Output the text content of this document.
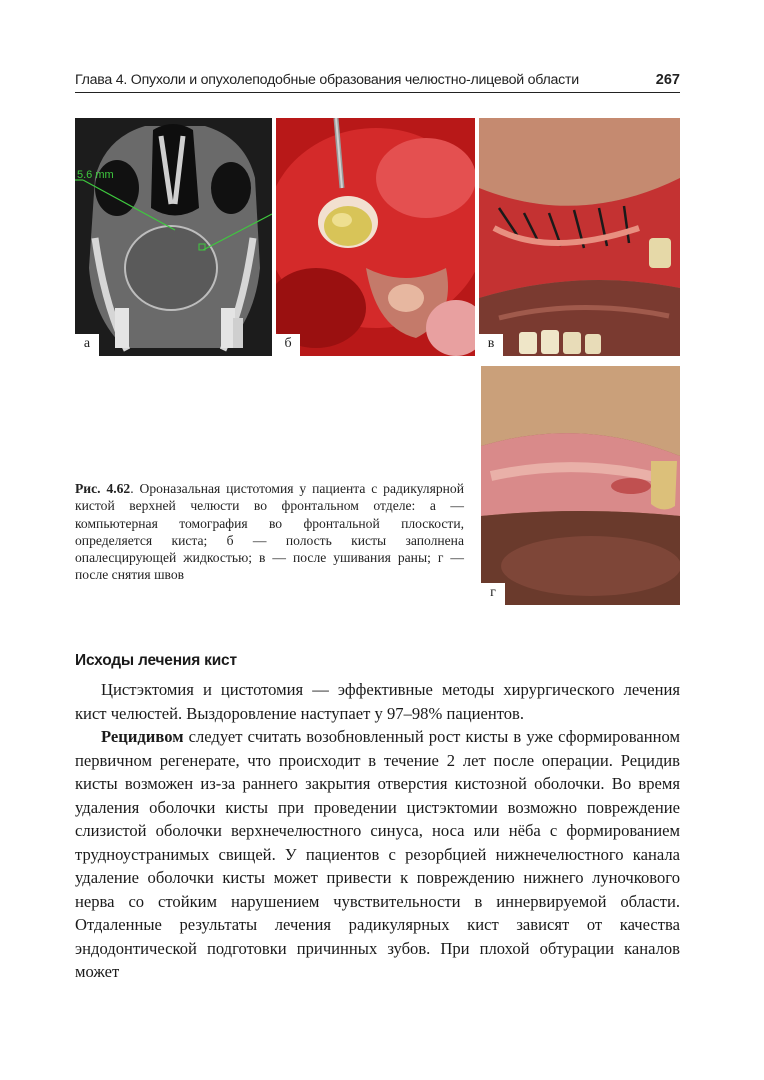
Глава 4. Опухоли и опухолеподобные образования челюстно-лицевой области	267
5.6 mm
а	б	в
г
Рис. 4.62. Ороназальная цистотомия у пациента с радикулярной кистой верхней челюсти во фронтальном отделе: а — компьютерная томография во фронтальной плоскости, определяется киста; б — полость кисты заполнена опалесцирующей жидкостью; в — после ушивания раны; г — после снятия швов
Исходы лечения кист

Цистэктомия и цистотомия — эффективные методы хирургического лечения кист челюстей. Выздоровление наступает у 97–98% пациентов.

Рецидивом следует считать возобновленный рост кисты в уже сформированном первичном регенерате, что происходит в течение 2 лет после операции. Рецидив кисты возможен из-за раннего закрытия отверстия кистозной оболочки. Во время удаления оболочки кисты при проведении цистэктомии возможно повреждение слизистой оболочки верхнечелюстного синуса, носа или нёба с формированием трудноустранимых свищей. У пациентов с резорбцией нижнечелюстного канала удаление оболочки кисты может привести к повреждению нижнего луночкового нерва со стойким нарушением чувствительности в иннервируемой области. Отдаленные результаты лечения радикулярных кист зависят от качества эндодонтической подготовки причинных зубов. При плохой обтурации каналов может
